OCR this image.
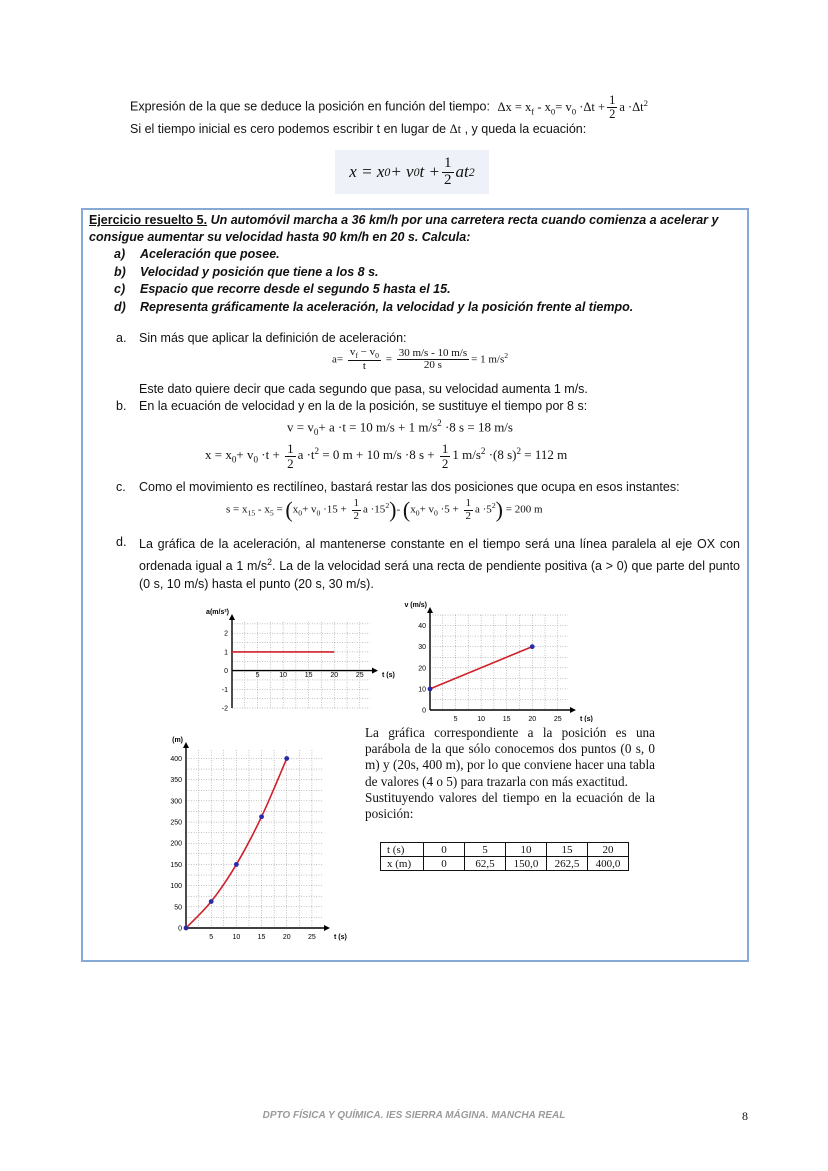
Expresión de la que se deduce la posición en función del tiempo: $\Delta x = x_f - x_0= v_0 \cdot\Delta t + \frac{1}{2}$ $a \cdot\Delta t^2$
Si el tiempo inicial es cero podemos escribir t en lugar de Δt , y queda la ecuación:
x = x 0 + v 0 $t + \frac{1}{2}$ at 2
Ejercicio resuelto 5. Un automóvil marcha a 36 km/h por una carretera recta cuando comienza a acelerar y consigue aumentar su velocidad hasta 90 km/h en 20 s. Calcula:
a) Aceleración que posee.
b) Velocidad y posición que tiene a los 8 s.
c) Espacio que recorre desde el segundo 5 hasta el 15.
d) Representa gráficamente la aceleración, la velocidad y la posición frente al tiempo.
a. Sin más que aplicar la definición de aceleración:
$a= \frac{v_f - v_0}{t} = \frac{30 m/s - 10 m/s}{20 s} = 1$ $m/s^2$
Este dato quiere decir que cada segundo que pasa, su velocidad aumenta 1 m/s.
b. En la ecuación de velocidad y en la de la posición, se sustituye el tiempo por 8 s:
$v = v_0+ a \cdot t = 10$ m/s + 1 $m/s^2 \cdot 8$ s = 18 m/s
$x = x_0+ v_0 \cdot t + \frac{1}{2}$ $a \cdot t^2 = 0$ m + 10 m/s ·8 $s + \frac{1}{2} 1$ $m/s^2 \cdot(8$ s)$^2$ = 112 m
c. Como el movimiento es rectilíneo, bastará restar las dos posiciones que ocupa en esos instantes:
$s = x_{15} - x_5 = (x_0+ v_0 \cdot 15 + \frac{1}{2}$ $a \cdot 15^2)-$ ($x_0+ v_0 \cdot 5 + \frac{1}{2}$ $a \cdot 5^2) = 200$ m
d. La gráfica de la aceleración, al mantenerse constante en el tiempo será una línea paralela al eje OX con ordenada igual a 1 $m/s^2$. La de la velocidad será una recta de pendiente positiva (a > 0) que parte del punto (0 s, 10 m/s) hasta el punto (20 s, 30 m/s).
5	10	15	20	25
-2
-1
0
1
2
t (s)
a(m/s²)
5	10	15	20	25
0
10
20
30
40
t (s)
v (m/s)
5	10 15 20 25
0
50
100
150
200
250
300
350
400
t (s)
(m)
La gráfica correspondiente a la posición es una parábola de la que sólo conocemos dos puntos (0 s, 0 m) y (20s, 400 m), por lo que conviene hacer una tabla de valores (4 o 5) para trazarla con más exactitud.
Sustituyendo valores del tiempo en la ecuación de la posición:
t (s)	0	5	10	15	20
x (m)	0	62,5	150,0	262,5	400,0
DPTO FÍSICA Y QUÍMICA. IES SIERRA MÁGINA. MANCHA REAL	8
